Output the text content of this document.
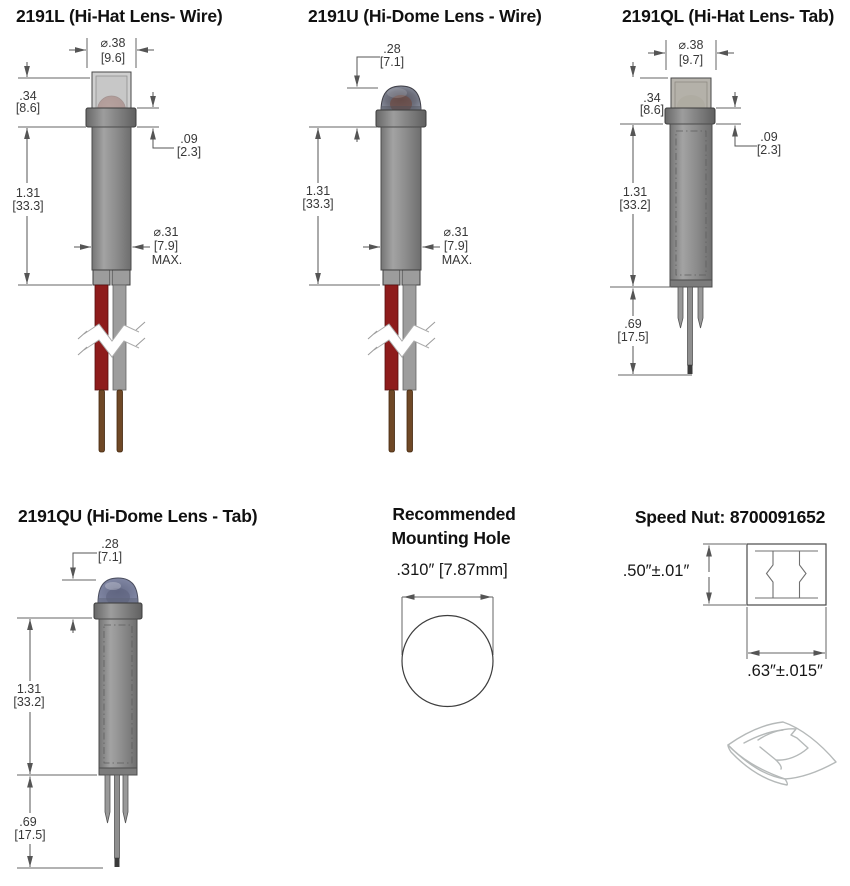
2191L (Hi-Hat Lens- Wire)
⌀.38
[9.6]
.34
[8.6]
.09
[2.3]
1.31
[33.3]
⌀.31
[7.9]
MAX.
2191U (Hi-Dome Lens - Wire)
.28
[7.1]
1.31
[33.3]
⌀.31
[7.9]
MAX.
2191QL (Hi-Hat Lens- Tab)
⌀.38
[9.7]
.34
[8.6]
.09
[2.3]
1.31
[33.2]
.69
[17.5]
2191QU (Hi-Dome Lens - Tab)
.28
[7.1]
1.31
[33.2]
.69
[17.5]
Recommended
Mounting Hole
.310″ [7.87mm]
Speed Nut: 8700091652
.50″±.01″
.63″±.015″
